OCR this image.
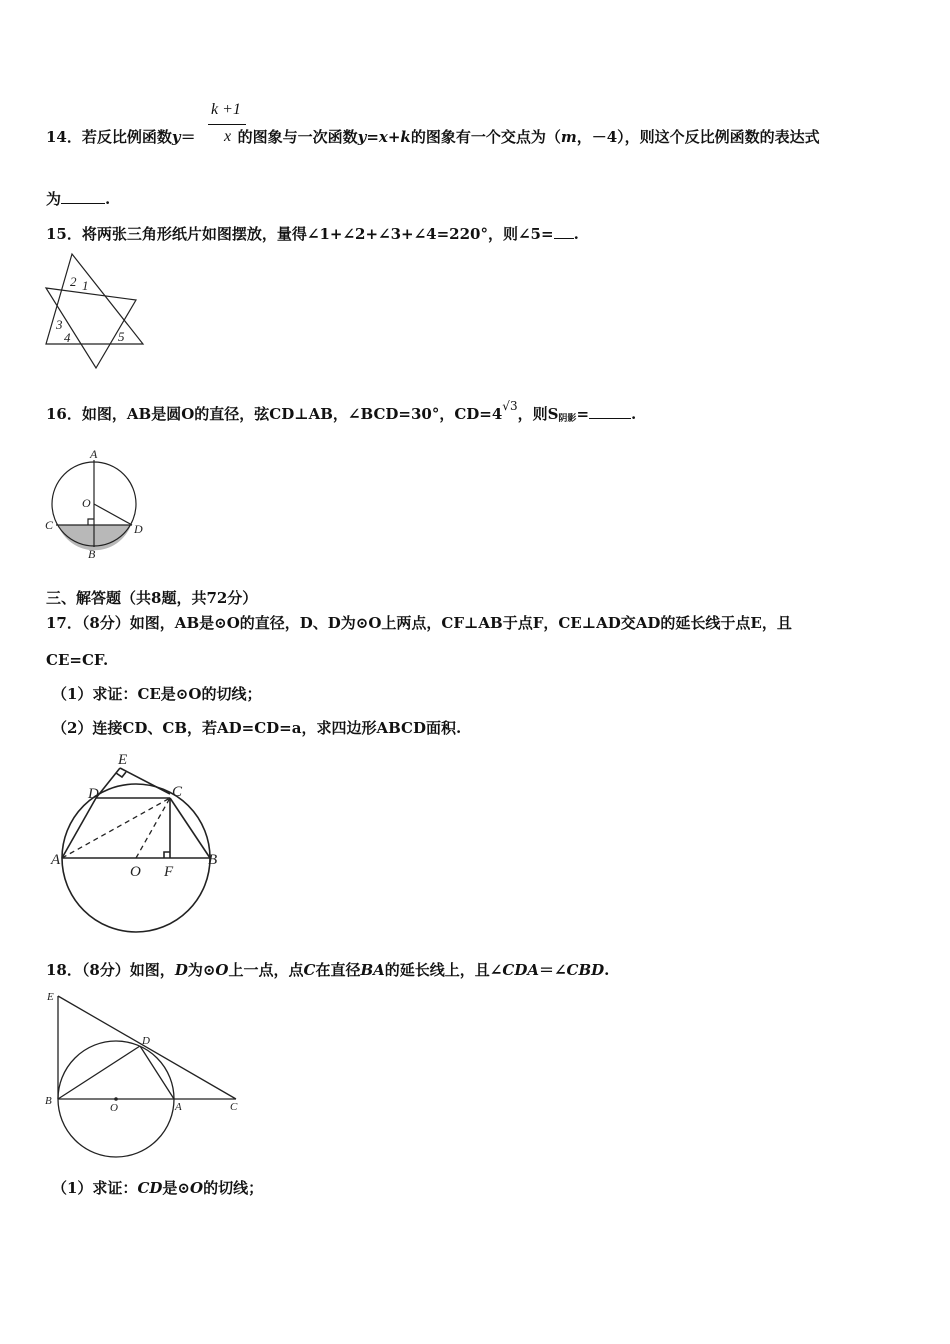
k +1
x
14．若反比例函数y＝	的图象与一次函数y=x+k的图象有一个交点为（m，－4），则这个反比例函数的表达式
为	.
15．将两张三角形纸片如图摆放，量得∠1+∠2+∠3+∠4=220°，则∠5= .
2 1
3
4	5
16．如图，AB是圆O的直径，弦CD⊥AB，∠BCD=30°，$CD=4^{√3}$，则$S_{阴影}=$	.
A
O
C	D
B
三、解答题（共8题，共72分）
17．（8分）如图，AB是⊙O的直径，D、D为⊙O上两点，CF⊥AB于点F，CE⊥AD交AD的延长线于点E，且
CE=CF.
（1）求证：CE是⊙O的切线；
（2）连接CD、CB，若AD=CD=a，求四边形ABCD面积.
E
D	C
A
O F
B
18．（8分）如图，D为⊙O上一点，点C在直径BA的延长线上，且∠CDA＝∠CBD.
E
D
B
O	A	C
（1）求证：CD是⊙O的切线；
